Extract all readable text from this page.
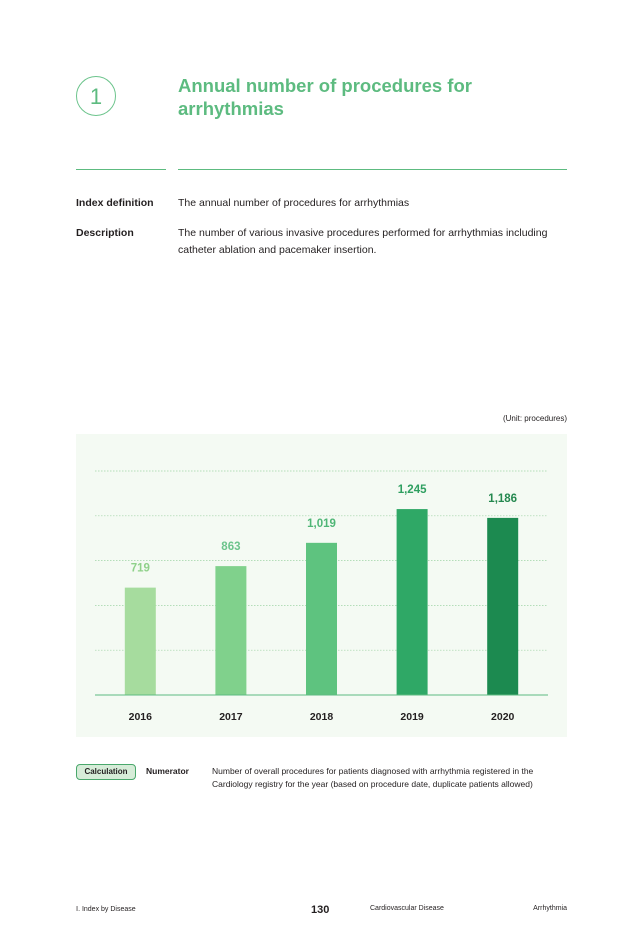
1	Annual number of procedures for arrhythmias
Index definition The annual number of procedures for arrhythmias
Description	The number of various invasive procedures performed for arrhythmias including catheter ablation and pacemaker insertion.
(Unit: procedures)
719
2016
863
2017
1,019
2018
1,245
2019
1,186
2020
Calculation	Numerator	Number of overall procedures for patients diagnosed with arrhythmia registered in the Cardiology registry for the year (based on procedure date, duplicate patients allowed)
Ⅰ. Index by Disease	130	Cardiovascular Disease	Arrhythmia
